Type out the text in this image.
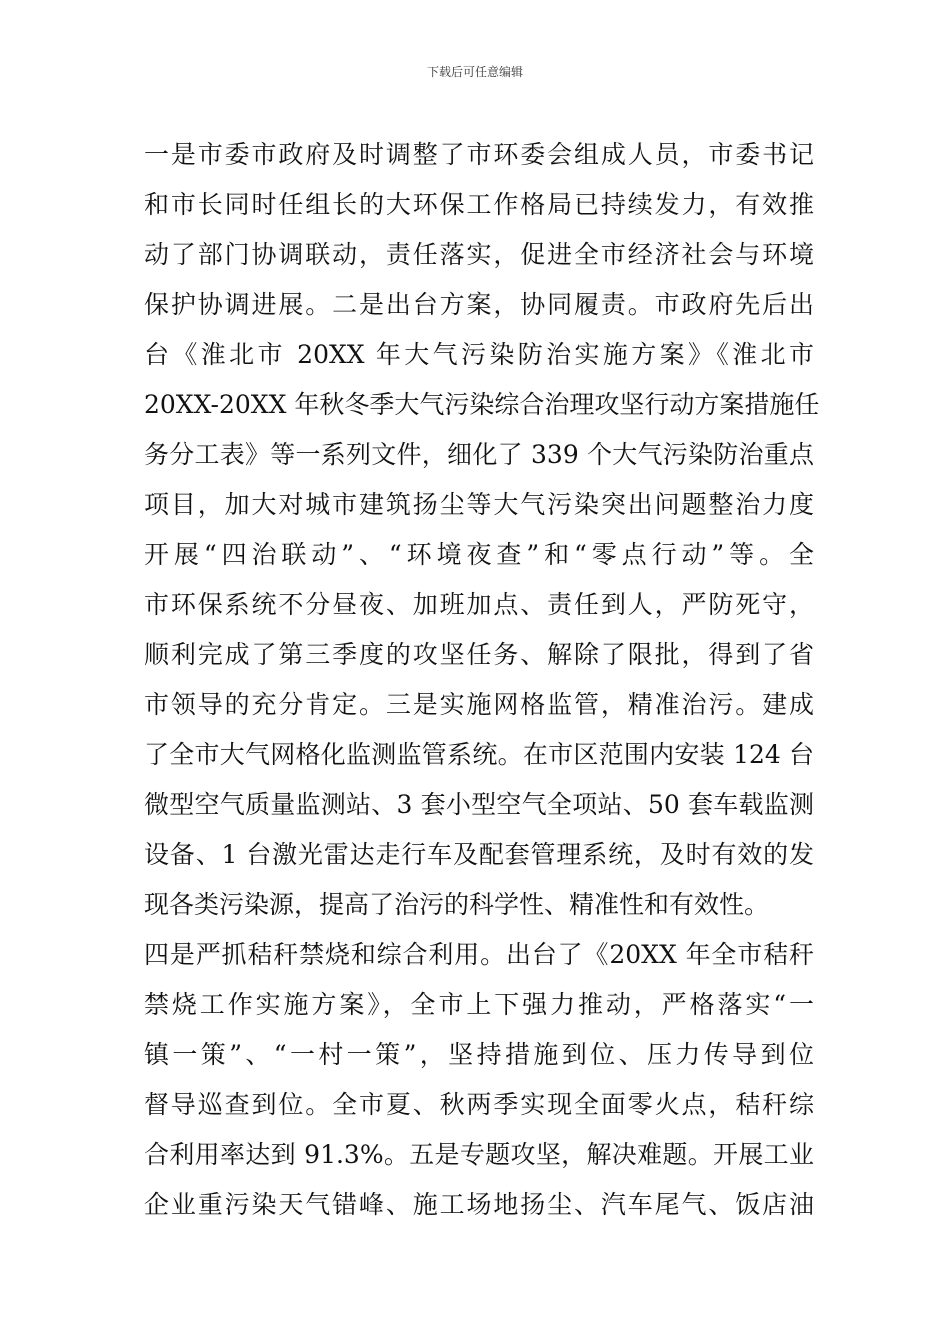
下载后可任意编辑
一是市委市政府及时调整了市环委会组成人员，市委书记
和市长同时任组长的大环保工作格局已持续发力，有效推
动了部门协调联动，责任落实，促进全市经济社会与环境
保护协调进展。二是出台方案，协同履责。市政府先后出
台《淮北市 20XX 年大气污染防治实施方案》《淮北市
20XX-20XX 年秋冬季大气污染综合治理攻坚行动方案措施任
务分工表》等一系列文件，细化了 339 个大气污染防治重点
项目，加大对城市建筑扬尘等大气污染突出问题整治力度
开展“四治联动”、“环境夜查”和“零点行动”等。全
市环保系统不分昼夜、加班加点、责任到人，严防死守，
顺利完成了第三季度的攻坚任务、解除了限批，得到了省
市领导的充分肯定。三是实施网格监管，精准治污。建成
了全市大气网格化监测监管系统。在市区范围内安装 124 台
微型空气质量监测站、3 套小型空气全项站、50 套车载监测
设备、1 台激光雷达走行车及配套管理系统，及时有效的发
现各类污染源，提高了治污的科学性、精准性和有效性。
四是严抓秸秆禁烧和综合利用。出台了《20XX 年全市秸秆
禁烧工作实施方案》，全市上下强力推动，严格落实“一
镇一策”、“一村一策”，坚持措施到位、压力传导到位
督导巡查到位。全市夏、秋两季实现全面零火点，秸秆综
合利用率达到 91.3%。五是专题攻坚，解决难题。开展工业
企业重污染天气错峰、施工场地扬尘、汽车尾气、饭店油
